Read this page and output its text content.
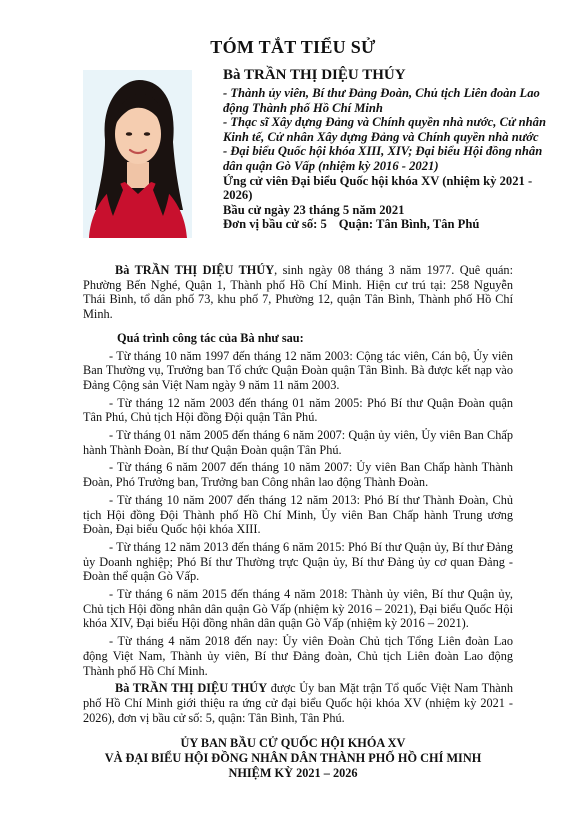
TÓM TẮT TIỂU SỬ

Bà TRẦN THỊ DIỆU THÚY

- Thành ủy viên, Bí thư Đảng Đoàn, Chủ tịch Liên đoàn Lao động Thành phố Hồ Chí Minh

- Thạc sĩ Xây dựng Đảng và Chính quyền nhà nước, Cử nhân Kinh tế, Cử nhân Xây dựng Đảng và Chính quyền nhà nước

- Đại biểu Quốc hội khóa XIII, XIV; Đại biểu Hội đồng nhân dân quận Gò Vấp (nhiệm kỳ 2016 - 2021)

Ứng cử viên Đại biểu Quốc hội khóa XV (nhiệm kỳ 2021 - 2026)

Bầu cử ngày 23 tháng 5 năm 2021

Đơn vị bầu cử số: 5 Quận: Tân Bình, Tân Phú

Bà TRẦN THỊ DIỆU THÚY, sinh ngày 08 tháng 3 năm 1977. Quê quán: Phường Bến Nghé, Quận 1, Thành phố Hồ Chí Minh. Hiện cư trú tại: 258 Nguyễn Thái Bình, tổ dân phố 73, khu phố 7, Phường 12, quận Tân Bình, Thành phố Hồ Chí Minh.

Quá trình công tác của Bà như sau:

- Từ tháng 10 năm 1997 đến tháng 12 năm 2003: Cộng tác viên, Cán bộ, Ủy viên Ban Thường vụ, Trưởng ban Tổ chức Quận Đoàn quận Tân Bình. Bà được kết nạp vào Đảng Cộng sản Việt Nam ngày 9 năm 11 năm 2003.

- Từ tháng 12 năm 2003 đến tháng 01 năm 2005: Phó Bí thư Quận Đoàn quận Tân Phú, Chủ tịch Hội đồng Đội quận Tân Phú.

- Từ tháng 01 năm 2005 đến tháng 6 năm 2007: Quận ủy viên, Ủy viên Ban Chấp hành Thành Đoàn, Bí thư Quận Đoàn quận Tân Phú.

- Từ tháng 6 năm 2007 đến tháng 10 năm 2007: Ủy viên Ban Chấp hành Thành Đoàn, Phó Trưởng ban, Trưởng ban Công nhân lao động Thành Đoàn.

- Từ tháng 10 năm 2007 đến tháng 12 năm 2013: Phó Bí thư Thành Đoàn, Chủ tịch Hội đồng Đội Thành phố Hồ Chí Minh, Ủy viên Ban Chấp hành Trung ương Đoàn, Đại biểu Quốc hội khóa XIII.

- Từ tháng 12 năm 2013 đến tháng 6 năm 2015: Phó Bí thư Quận ủy, Bí thư Đảng ủy Doanh nghiệp; Phó Bí thư Thường trực Quận ủy, Bí thư Đảng ủy cơ quan Đảng - Đoàn thể quận Gò Vấp.

- Từ tháng 6 năm 2015 đến tháng 4 năm 2018: Thành ủy viên, Bí thư Quận ủy, Chủ tịch Hội đồng nhân dân quận Gò Vấp (nhiệm kỳ 2016 – 2021), Đại biểu Quốc Hội khóa XIV, Đại biểu Hội đồng nhân dân quận Gò Vấp (nhiệm kỳ 2016 – 2021).

- Từ tháng 4 năm 2018 đến nay: Ủy viên Đoàn Chủ tịch Tổng Liên đoàn Lao động Việt Nam, Thành ủy viên, Bí thư Đảng đoàn, Chủ tịch Liên đoàn Lao động Thành phố Hồ Chí Minh.

Bà TRẦN THỊ DIỆU THÚY được Ủy ban Mặt trận Tổ quốc Việt Nam Thành phố Hồ Chí Minh giới thiệu ra ứng cử đại biểu Quốc hội khóa XV (nhiệm kỳ 2021 - 2026), đơn vị bầu cử số: 5, quận: Tân Bình, Tân Phú.

ỦY BAN BẦU CỬ QUỐC HỘI KHÓA XV

VÀ ĐẠI BIỂU HỘI ĐỒNG NHÂN DÂN THÀNH PHỐ HỒ CHÍ MINH

NHIỆM KỲ 2021 – 2026
